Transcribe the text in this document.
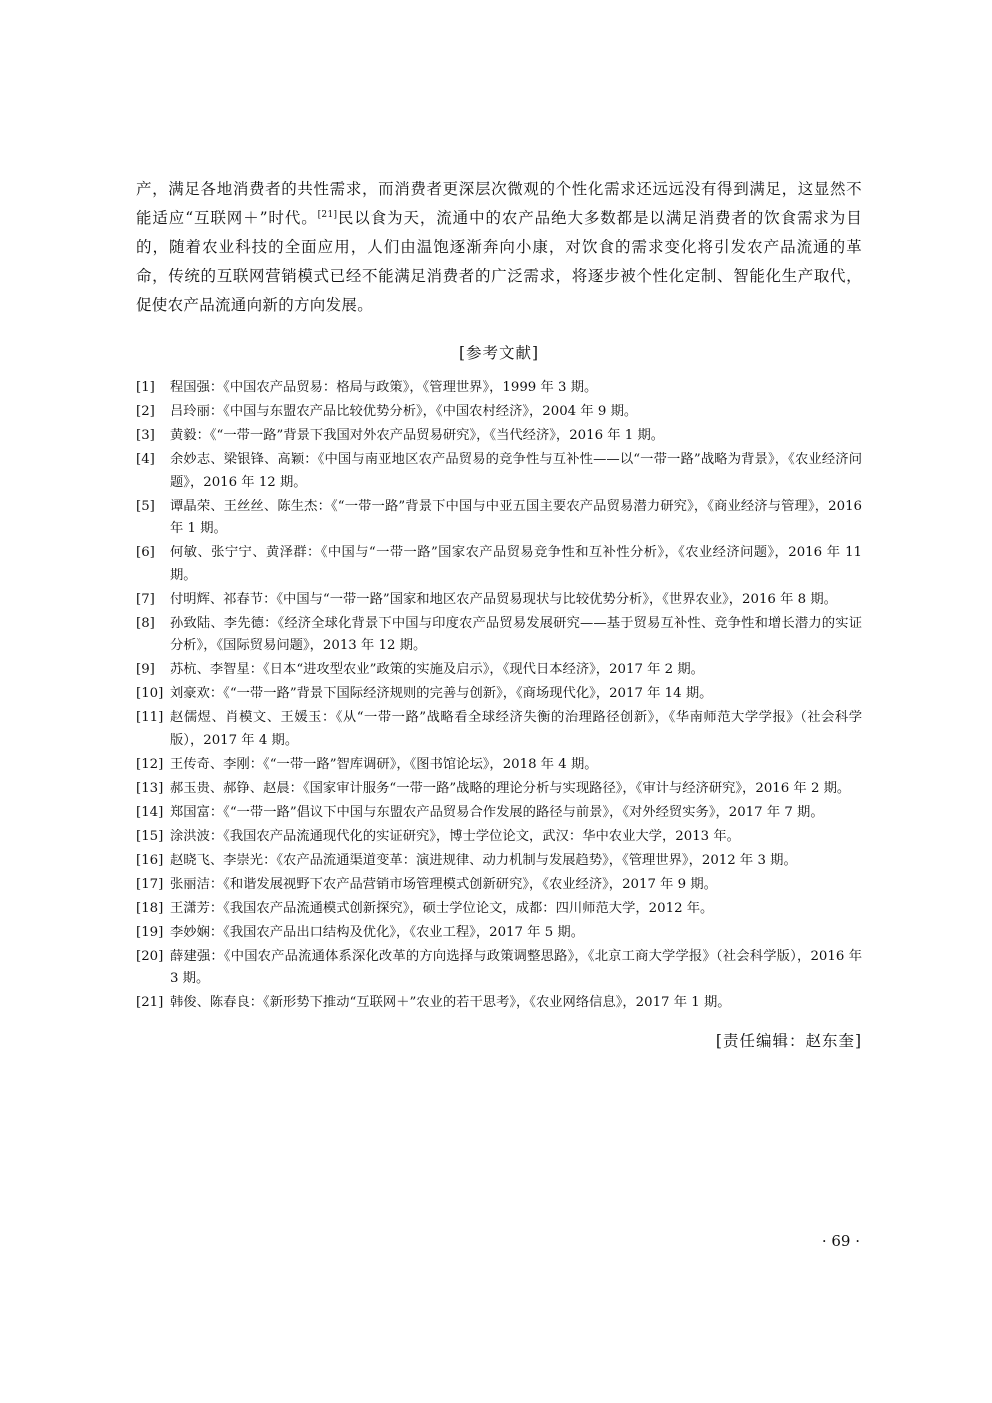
产，满足各地消费者的共性需求，而消费者更深层次微观的个性化需求还远远没有得到满足，这显然不能适应“互联网＋”时代。[21]民以食为天，流通中的农产品绝大多数都是以满足消费者的饮食需求为目的，随着农业科技的全面应用，人们由温饱逐渐奔向小康，对饮食的需求变化将引发农产品流通的革命，传统的互联网营销模式已经不能满足消费者的广泛需求，将逐步被个性化定制、智能化生产取代，促使农产品流通向新的方向发展。

[参考文献]
[1] 程国强：《中国农产品贸易：格局与政策》，《管理世界》，1999 年 3 期。
[2] 吕玲丽：《中国与东盟农产品比较优势分析》，《中国农村经济》，2004 年 9 期。
[3] 黄毅：《“一带一路”背景下我国对外农产品贸易研究》，《当代经济》，2016 年 1 期。
[4] 余妙志、梁银锋、高颖：《中国与南亚地区农产品贸易的竞争性与互补性——以“一带一路”战略为背景》，《农业经济问题》，2016 年 12 期。
[5] 谭晶荣、王丝丝、陈生杰：《“一带一路”背景下中国与中亚五国主要农产品贸易潜力研究》，《商业经济与管理》，2016 年 1 期。
[6] 何敏、张宁宁、黄泽群：《中国与“一带一路”国家农产品贸易竞争性和互补性分析》，《农业经济问题》，2016 年 11 期。
[7] 付明辉、祁春节：《中国与“一带一路”国家和地区农产品贸易现状与比较优势分析》，《世界农业》，2016 年 8 期。
[8] 孙致陆、李先德：《经济全球化背景下中国与印度农产品贸易发展研究——基于贸易互补性、竞争性和增长潜力的实证分析》，《国际贸易问题》，2013 年 12 期。
[9] 苏杭、李智星：《日本“进攻型农业”政策的实施及启示》，《现代日本经济》，2017 年 2 期。
[10] 刘豪欢：《“一带一路”背景下国际经济规则的完善与创新》，《商场现代化》，2017 年 14 期。
[11] 赵儒煜、肖模文、王媛玉：《从“一带一路”战略看全球经济失衡的治理路径创新》，《华南师范大学学报》（社会科学版），2017 年 4 期。
[12] 王传奇、李刚：《“一带一路”智库调研》，《图书馆论坛》，2018 年 4 期。
[13] 郝玉贵、郝铮、赵晨：《国家审计服务“一带一路”战略的理论分析与实现路径》，《审计与经济研究》，2016 年 2 期。
[14] 郑国富：《“一带一路”倡议下中国与东盟农产品贸易合作发展的路径与前景》，《对外经贸实务》，2017 年 7 期。
[15] 涂洪波：《我国农产品流通现代化的实证研究》，博士学位论文，武汉：华中农业大学，2013 年。
[16] 赵晓飞、李崇光：《农产品流通渠道变革：演进规律、动力机制与发展趋势》，《管理世界》，2012 年 3 期。
[17] 张丽洁：《和谐发展视野下农产品营销市场管理模式创新研究》，《农业经济》，2017 年 9 期。
[18] 王潇芳：《我国农产品流通模式创新探究》，硕士学位论文，成都：四川师范大学，2012 年。
[19] 李妙娴：《我国农产品出口结构及优化》，《农业工程》，2017 年 5 期。
[20] 薛建强：《中国农产品流通体系深化改革的方向选择与政策调整思路》，《北京工商大学学报》（社会科学版），2016 年 3 期。
[21] 韩俊、陈春良：《新形势下推动“互联网＋”农业的若干思考》，《农业网络信息》，2017 年 1 期。
[责任编辑：赵东奎]
· 69 ·
